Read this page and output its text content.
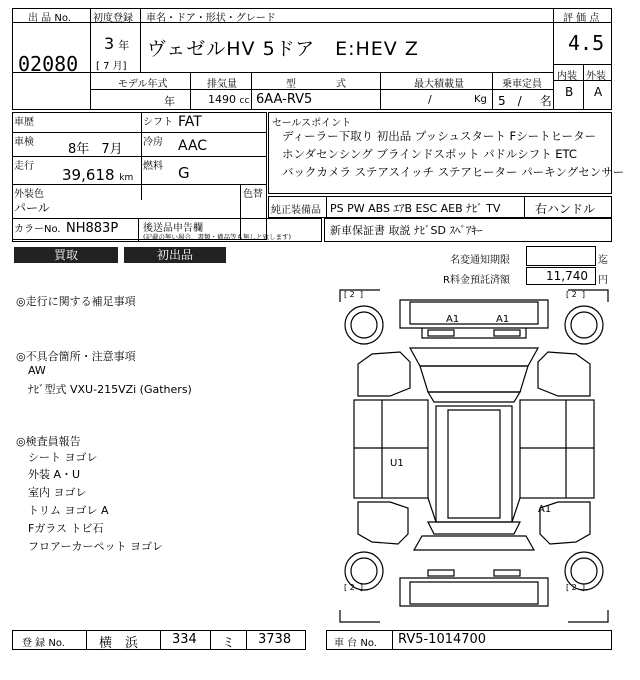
出 品 No.
02080
初度登録 車名・ドア・形状・グレード
3 年
[ 7 月]
ヴェゼルHV 5ドア　E:HEV Z
評 価 点
4.5
内装 外装
B A
モデル年式	排気量	型　　　　式	最大積載量	乗車定員
年	1490 cc 6AA-RV5	/	Kg 5 / 名
車歴	シフト FAT
車検	8年 7月 冷房 AAC
走行 39,618 km
燃料 G
外装色
パール
色替
カラーNo. NH883P 後送品申告欄
(記載の無い場合、書類・備品等も無しと致します)
セールスポイント
ディーラー下取り 初出品 プッシュスタート Fシートヒーター
ホンダセンシング ブラインドスポット パドルシフト ETC
バックカメラ ステアスイッチ ステアヒーター パーキングセンサー
純正装備品 PS PW ABS ｴｱB ESC AEB ﾅﾋﾞ TV	右ハンドル
新車保証書 取説 ﾅﾋﾞSD ｽﾍﾟｱｷｰ
買取	初出品	名変通知期限	迄
R料金預託済額	11,740 円
◎走行に関する補足事項
◎不具合箇所・注意事項
AW
ﾅﾋﾞ型式 VXU-215VZi (Gathers)
◎検査員報告
シート ヨゴレ
外装 A・U
室内 ヨゴレ
トリム ヨゴレ A
Fガラス トビ石
フロアーカーペット ヨゴレ
[ 2 ​ ]	[ 2 ​ ]
[ 2 ​ ]	[ 2 ​ ]
A1	A1
U1
A1
登 録 No.	横　浜	334 ミ 3738	車 台 No. RV5-1014700
